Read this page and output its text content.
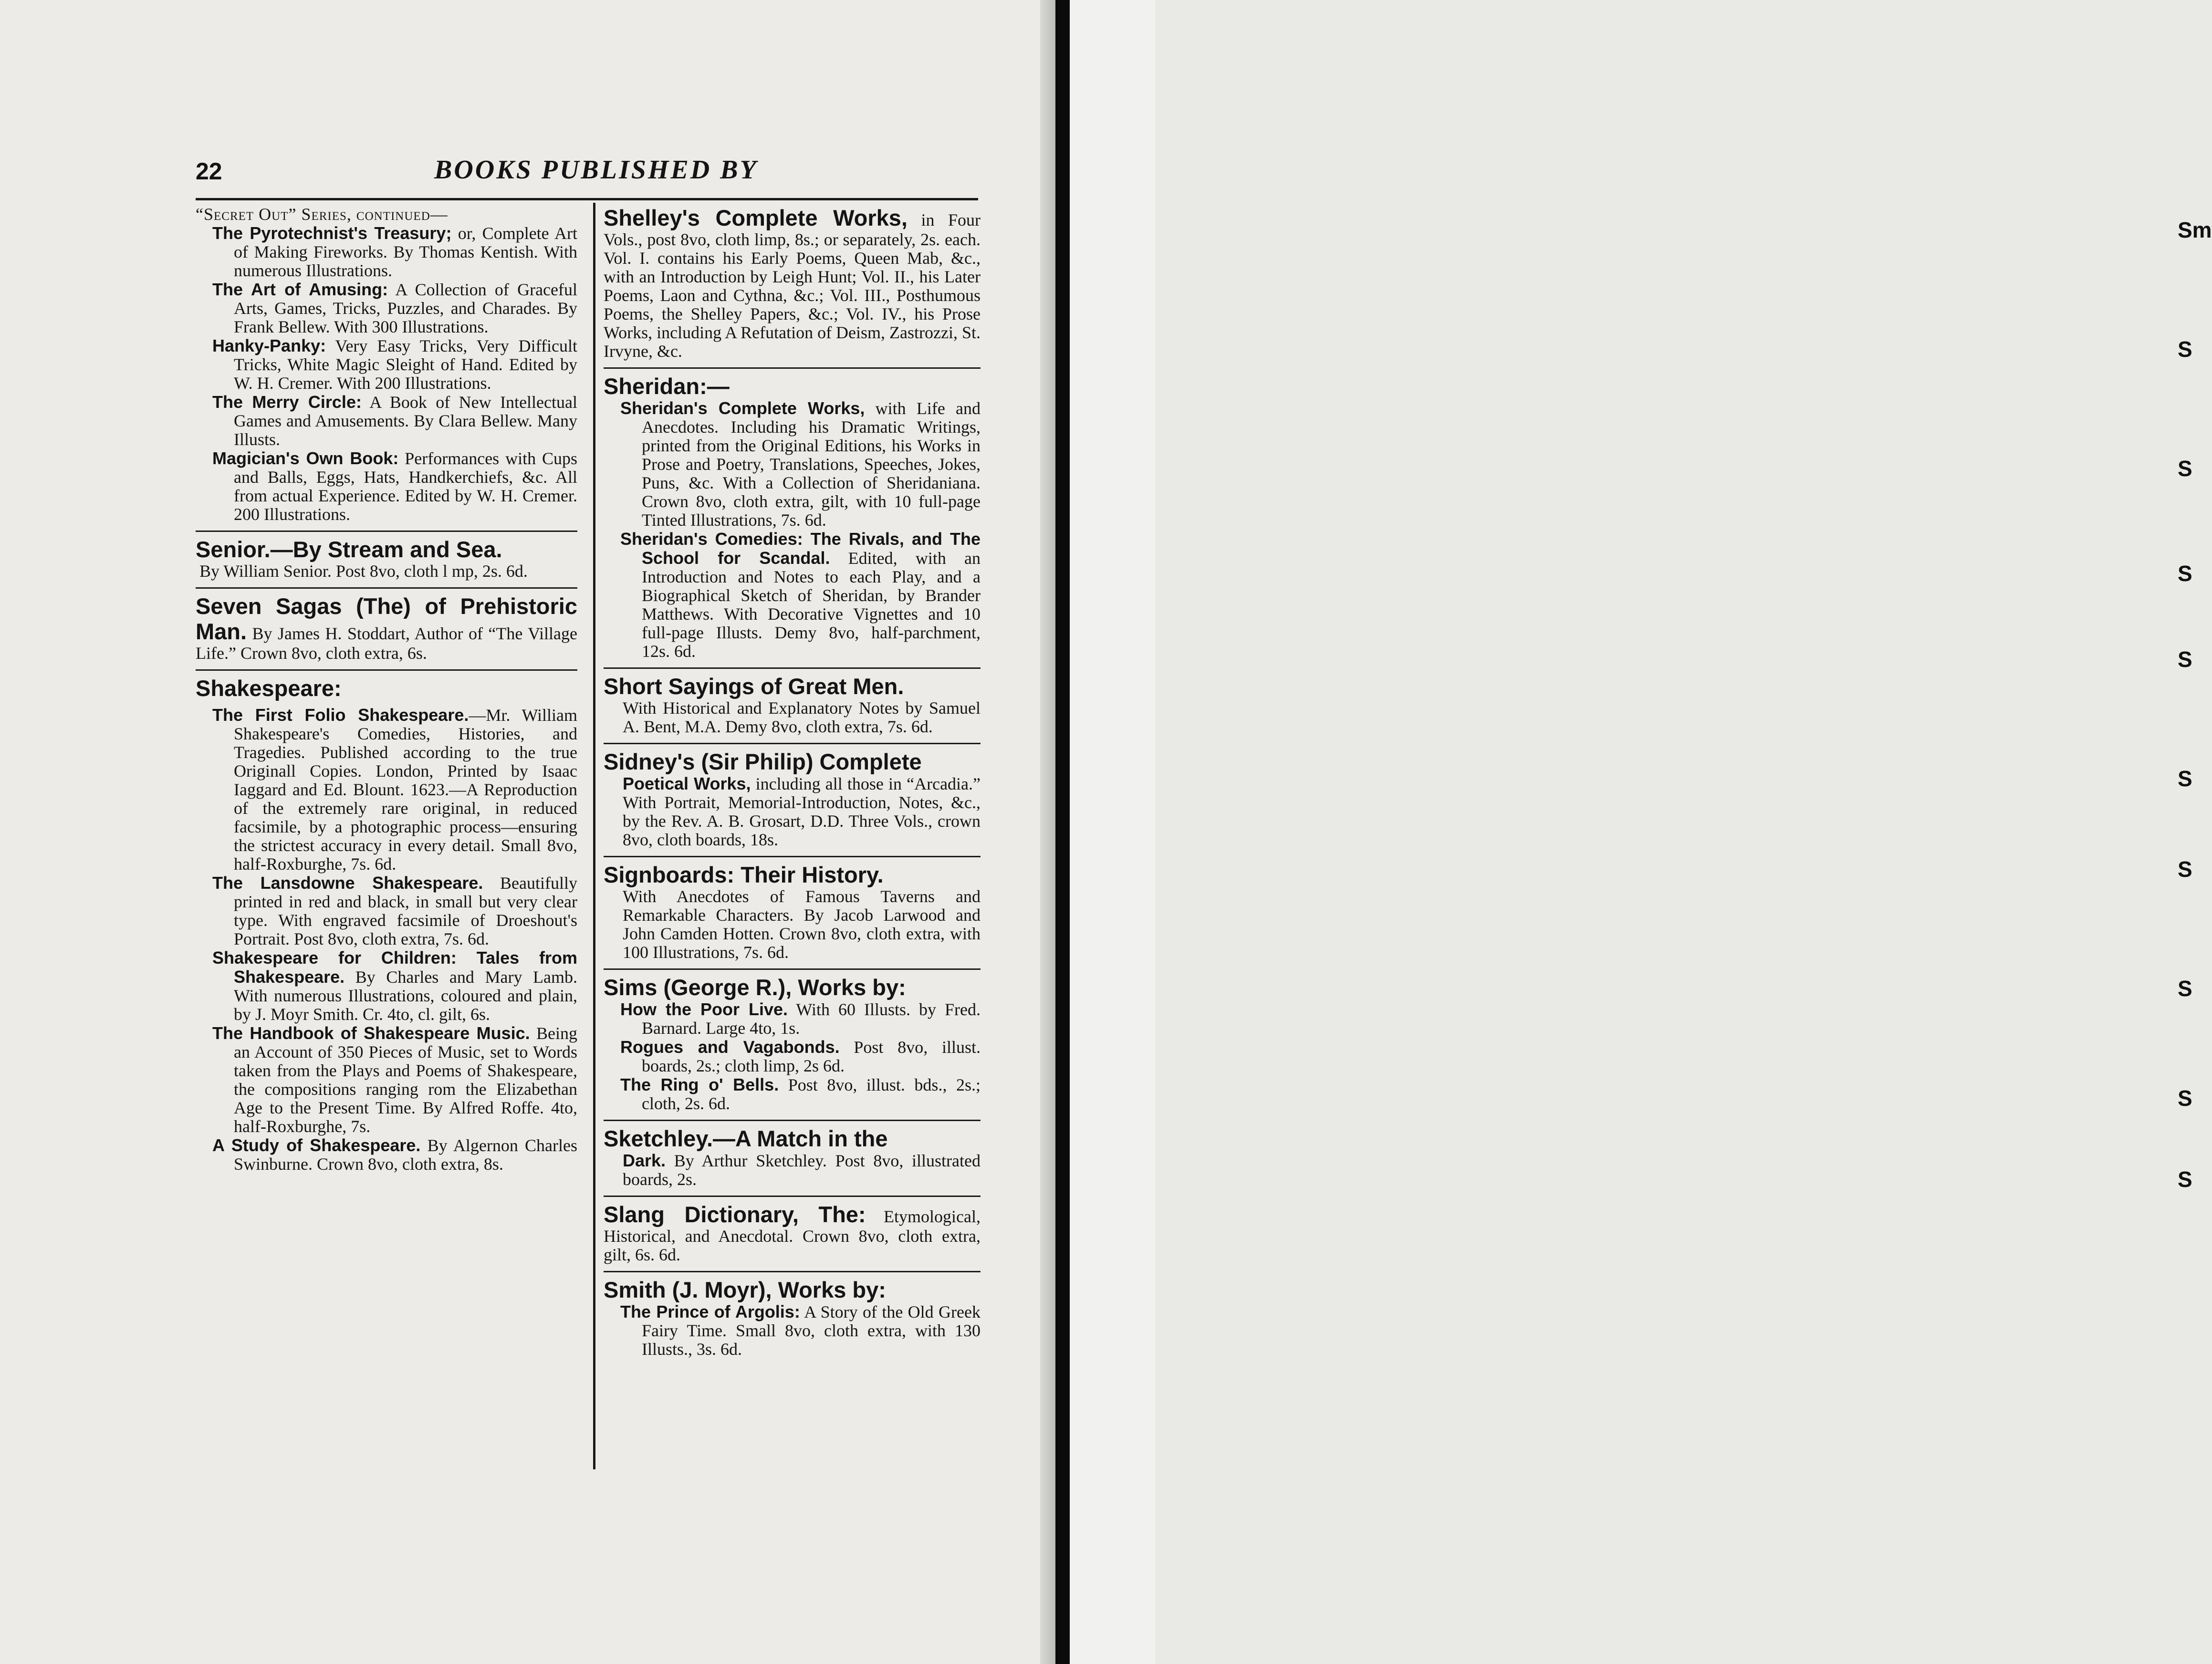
22	BOOKS PUBLISHED BY
“Secret Out” Series, continued—
The Pyrotechnist's Treasury; or, Complete Art of Making Fireworks. By Thomas Kentish. With numerous Illustrations.
The Art of Amusing: A Collection of Graceful Arts, Games, Tricks, Puzzles, and Charades. By Frank Bellew. With 300 Illustrations.
Hanky-Panky: Very Easy Tricks, Very Difficult Tricks, White Magic Sleight of Hand. Edited by W. H. Cremer. With 200 Illustrations.
The Merry Circle: A Book of New Intellectual Games and Amusements. By Clara Bellew. Many Illusts.
Magician's Own Book: Performances with Cups and Balls, Eggs, Hats, Handkerchiefs, &c. All from actual Experience. Edited by W. H. Cremer. 200 Illustrations.
Senior.—By Stream and Sea.
By William Senior. Post 8vo, cloth l mp, 2s. 6d.
Seven Sagas (The) of Prehistoric Man. By James H. Stoddart, Author of “The Village Life.” Crown 8vo, cloth extra, 6s.
Shakespeare:
The First Folio Shakespeare.—Mr. William Shakespeare's Comedies, Histories, and Tragedies. Published according to the true Originall Copies. London, Printed by Isaac Iaggard and Ed. Blount. 1623.—A Reproduction of the extremely rare original, in reduced facsimile, by a photographic process—ensuring the strictest accuracy in every detail. Small 8vo, half-Roxburghe, 7s. 6d.
The Lansdowne Shakespeare. Beautifully printed in red and black, in small but very clear type. With engraved facsimile of Droeshout's Portrait. Post 8vo, cloth extra, 7s. 6d.
Shakespeare for Children: Tales from Shakespeare. By Charles and Mary Lamb. With numerous Illustrations, coloured and plain, by J. Moyr Smith. Cr. 4to, cl. gilt, 6s.
The Handbook of Shakespeare Music. Being an Account of 350 Pieces of Music, set to Words taken from the Plays and Poems of Shakespeare, the compositions ranging rom the Elizabethan Age to the Present Time. By Alfred Roffe. 4to, half-Roxburghe, 7s.
A Study of Shakespeare. By Algernon Charles Swinburne. Crown 8vo, cloth extra, 8s.
Shelley's Complete Works, in Four Vols., post 8vo, cloth limp, 8s.; or separately, 2s. each. Vol. I. contains his Early Poems, Queen Mab, &c., with an Introduction by Leigh Hunt; Vol. II., his Later Poems, Laon and Cythna, &c.; Vol. III., Posthumous Poems, the Shelley Papers, &c.; Vol. IV., his Prose Works, including A Refutation of Deism, Zastrozzi, St. Irvyne, &c.
Sheridan:—
Sheridan's Complete Works, with Life and Anecdotes. Including his Dramatic Writings, printed from the Original Editions, his Works in Prose and Poetry, Translations, Speeches, Jokes, Puns, &c. With a Collection of Sheridaniana. Crown 8vo, cloth extra, gilt, with 10 full-page Tinted Illustrations, 7s. 6d.
Sheridan's Comedies: The Rivals, and The School for Scandal. Edited, with an Introduction and Notes to each Play, and a Biographical Sketch of Sheridan, by Brander Matthews. With Decorative Vignettes and 10 full-page Illusts. Demy 8vo, half-parchment, 12s. 6d.
Short Sayings of Great Men.
With Historical and Explanatory Notes by Samuel A. Bent, M.A. Demy 8vo, cloth extra, 7s. 6d.
Sidney's (Sir Philip) Complete
Poetical Works, including all those in “Arcadia.” With Portrait, Memorial-Introduction, Notes, &c., by the Rev. A. B. Grosart, D.D. Three Vols., crown 8vo, cloth boards, 18s.
Signboards: Their History.
With Anecdotes of Famous Taverns and Remarkable Characters. By Jacob Larwood and John Camden Hotten. Crown 8vo, cloth extra, with 100 Illustrations, 7s. 6d.
Sims (George R.), Works by:
How the Poor Live. With 60 Illusts. by Fred. Barnard. Large 4to, 1s.
Rogues and Vagabonds. Post 8vo, illust. boards, 2s.; cloth limp, 2s 6d.
The Ring o' Bells. Post 8vo, illust. bds., 2s.; cloth, 2s. 6d.
Sketchley.—A Match in the
Dark. By Arthur Sketchley. Post 8vo, illustrated boards, 2s.
Slang Dictionary, The: Etymological, Historical, and Anecdotal. Crown 8vo, cloth extra, gilt, 6s. 6d.
Smith (J. Moyr), Works by:
The Prince of Argolis: A Story of the Old Greek Fairy Time. Small 8vo, cloth extra, with 130 Illusts., 3s. 6d.
Sm
S
S
S
S
S
S
S
S
S
